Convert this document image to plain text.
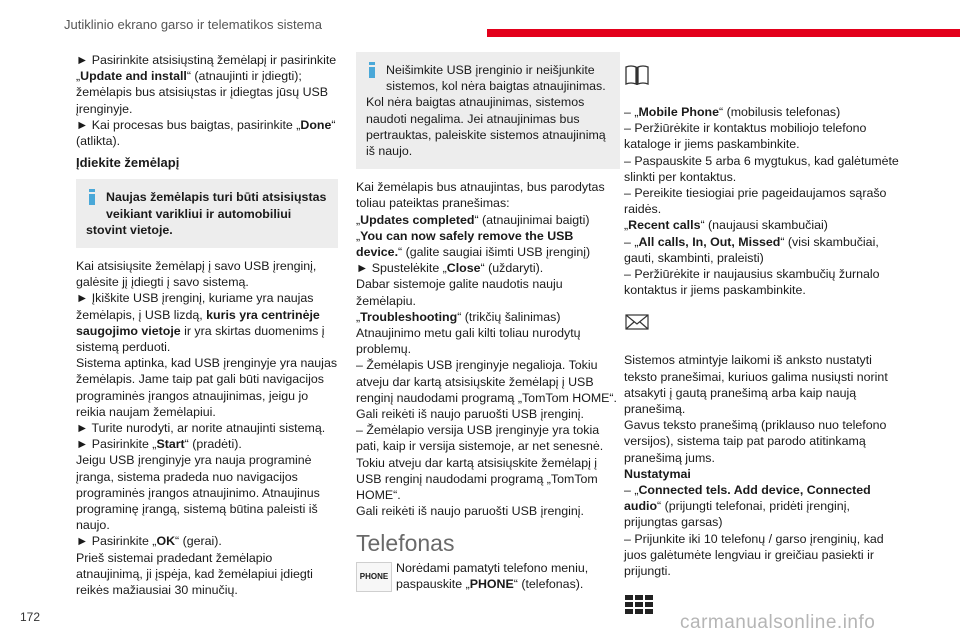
Jutiklinio ekrano garso ir telematikos sistema

► Pasirinkite atsisiųstiną žemėlapį ir pasirinkite „Update and install“ (atnaujinti ir įdiegti); žemėlapis bus atsisiųstas ir įdiegtas jūsų USB įrenginyje.

► Kai procesas bus baigtas, pasirinkite „Done“ (atlikta).

Įdiekite žemėlapį

Naujas žemėlapis turi būti atsisiųstas
veikiant varikliui ir automobiliui
stovint vietoje.

Kai atsisiųsite žemėlapį į savo USB įrenginį, galėsite jį įdiegti į savo sistemą.

► Įkiškite USB įrenginį, kuriame yra naujas žemėlapis, į USB lizdą, kuris yra centrinėje saugojimo vietoje ir yra skirtas duomenims į sistemą perduoti.

Sistema aptinka, kad USB įrenginyje yra naujas žemėlapis. Jame taip pat gali būti navigacijos programinės įrangos atnaujinimas, jeigu jo reikia naujam žemėlapiui.

► Turite nurodyti, ar norite atnaujinti sistemą.

► Pasirinkite „Start“ (pradėti).

Jeigu USB įrenginyje yra nauja programinė įranga, sistema pradeda nuo navigacijos programinės įrangos atnaujinimo. Atnaujinus programinę įrangą, sistemą būtina paleisti iš naujo.

► Pasirinkite „OK“ (gerai).

Prieš sistemai pradedant žemėlapio atnaujinimą, ji įspėja, kad žemėlapiui įdiegti reikės mažiausiai 30 minučių.

Neišimkite USB įrenginio ir neišjunkite
sistemos, kol nėra baigtas atnaujinimas.
Kol nėra baigtas atnaujinimas, sistemos naudoti negalima. Jei atnaujinimas bus pertrauktas, paleiskite sistemos atnaujinimą iš naujo.

Kai žemėlapis bus atnaujintas, bus parodytas toliau pateiktas pranešimas:

„Updates completed“ (atnaujinimai baigti)

„You can now safely remove the USB device.“ (galite saugiai išimti USB įrenginį)

► Spustelėkite „Close“ (uždaryti).

Dabar sistemoje galite naudotis nauju žemėlapiu.

„Troubleshooting“ (trikčių šalinimas)

Atnaujinimo metu gali kilti toliau nurodytų problemų.

– Žemėlapis USB įrenginyje negalioja. Tokiu atveju dar kartą atsisiųskite žemėlapį į USB renginį naudodami programą „TomTom HOME“.

Gali reikėti iš naujo paruošti USB įrenginį.

– Žemėlapio versija USB įrenginyje yra tokia pati, kaip ir versija sistemoje, ar net senesnė. Tokiu atveju dar kartą atsisiųskite žemėlapį į USB renginį naudodami programą „TomTom HOME“.

Gali reikėti iš naujo paruošti USB įrenginį.

Telefonas
PHONE
Norėdami pamatyti telefono meniu, paspauskite „PHONE“ (telefonas).

– „Mobile Phone“ (mobilusis telefonas)

– Peržiūrėkite ir kontaktus mobiliojo telefono kataloge ir jiems paskambinkite.

– Paspauskite 5 arba 6 mygtukus, kad galėtumėte slinkti per kontaktus.

– Pereikite tiesiogiai prie pageidaujamos sąrašo raidės.

„Recent calls“ (naujausi skambučiai)

– „All calls, In, Out, Missed“ (visi skambučiai, gauti, skambinti, praleisti)

– Peržiūrėkite ir naujausius skambučių žurnalo kontaktus ir jiems paskambinkite.

Sistemos atmintyje laikomi iš anksto nustatyti teksto pranešimai, kuriuos galima nusiųsti norint atsakyti į gautą pranešimą arba kaip naują pranešimą.

Gavus teksto pranešimą (priklauso nuo telefono versijos), sistema taip pat parodo atitinkamą pranešimą jums.

Nustatymai

– „Connected tels. Add device, Connected audio“ (prijungti telefonai, pridėti įrenginį, prijungtas garsas)

– Prijunkite iki 10 telefonų / garso įrenginių, kad juos galėtumėte lengviau ir greičiau pasiekti ir prijungti.

172	carmanualsonline.info
